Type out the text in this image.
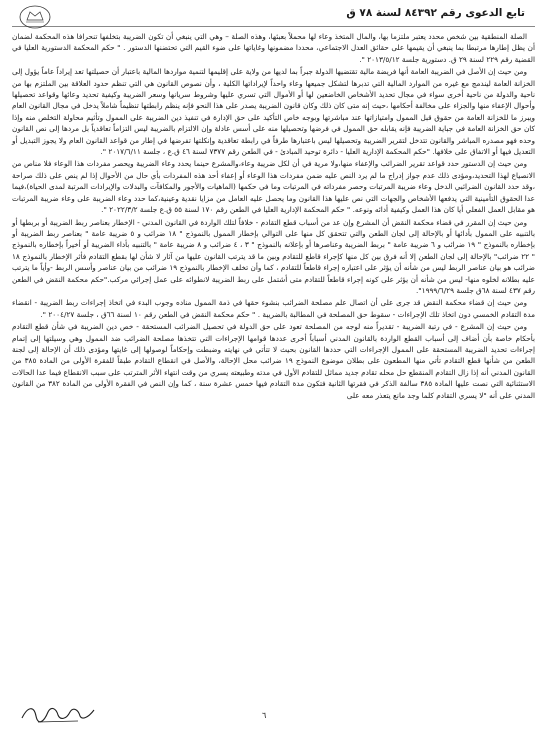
تابع الدعوى رقم ٨٤٣٩٢ لسنة ٧٨ ق

الصلة المنطقية بين شخص محدد يعتبر ملتزما بها، والمال المتخذ وعاء لها محملاً بعبئها، وهذه الصلة – وهي التي ينبغي أن تكون الضريبة بتخلفها تنحرافا هذه المحكمة لضمان أن يظل إطارها مرتبطا بما ينبغي أن يقيمها على حقائق العدل الاجتماعي، محددا مضمونها وغاياتها على ضوء القيم التي تحتضنها الدستور . " حكم المحكمة الدستورية العليا في القضية رقم ٢٢٩ لسنة ٢٩ ق. دستورية جلسة ٢٠١٣/٥/١٢ ".

ومن حيث إن الأصل في الضريبة العامة أنها فريضة مالية تقتضيها الدولة جبراً بما لديها من ولاية على إقليمها لتنمية مواردها المالية باعتبار أن حصيلتها تعد إيراداً عاماً يؤول إلى الخزانة العامة ليندمج مع غيره من الموارد المالية التي تدبرها لتشكل جميعها وعاء واحداً لإيراداتها الكلية ، وأن نصوص القانون هي التي تنظم حدود العلاقة بين الملتزم بها من ناحية والدولة من ناحية أخرى سواء في مجال تحديد الأشخاص الخاضعين لها أو الأموال التي تسري عليها وشروط سريانها وسعر الضريبة وكيفية تحديد وعائها وقواعد تحصيلها وأحوال الإعفاء منها والجزاء على مخالفة أحكامها ،حيث إنه متى كان ذلك وكان قانون الضريبة يصدر على هذا النحو فإنه ينظم رابطتها تنظيماً شاملاً يدخل في مجال القانون العام ويبرز ما للخزانة العامة من حقوق قبل الممول وامتيازاتها عند مباشرتها وبوجه خاص التأكيد على حق الإدارة في تنفيذ دين الضريبة على الممول وتأثيم محاولة التخلص منه وإذا كان حق الخزانة العامة في جباية الضريبة فإنه يقابله حق الممول في فرضها وتحصيلها منه على أسس عادلة وإن الالتزام بالضريبة ليس التزاماً تعاقدياً بل مردها إلى نص القانون وحده فهو مصدره المباشر والقانون تتدخل لتقرير الضريبة وتحصيلها ليس باعتبارها طرفاً في رابطة تعاقدية وإنكلتها تفرضها في إطار من قواعد القانون العام ولا يجوز التبديل أو التعديل فيها أو الاتفاق على خلافها. "حكم المحكمة الإدارية العليا - دائرة توحيد المبادئ - في الطعن رقم ٧٣٧٧ لسنة ٤٦ ق.ع ، جلسة ٢٠١٧/٦/١١ ".

ومن حيث إن الدستور حدد قواعد تقرير الضرائب والإعفاء منها،ولا مرية في أن لكل ضريبة وعاء،والمشرع حينما يحدد وعاء الضريبة ويحصر مفردات هذا الوعاء فلا مناص من الانصياع لهذا التحديد،ومؤدى ذلك عدم جواز إدراج ما لم يرد النص عليه ضمن مفردات هذا الوعاء أو إعفاء أحد هذه المفردات بأي حال من الأحوال إذا لم ينص على ذلك صراحة ،وقد حدد القانون الضرائبي الدخل وعاء ضريبة المرتبات وحصر مفرداته في المرتبات وما في حكمها (الماهيات والأجور والمكافآت والبدلات والإيرادات المرتبة لمدى الحياة)،فيما عدا الحقوق التأمينية التي يدفعها الأشخاص والجهات التي نص عليها هذا القانون وما يحصل عليه العامل من مزايا نقدية وعينية،كما حدد وعاء الضريبة على وعاء ضريبة المرتبات هو مقابل العمل الفعلي أيا كان هذا العمل وكيفية أدائه ونوعه. " حكم المحكمة الإدارية العليا في الطعن رقم ١٧٠ لسنة ٥٥ ق.ع جلسة ٢٠٢٢/٣/٢ ".

ومن حيث إن المقرر في قضاء محكمة النقض أن المشرع وإن عد من أسباب قطع التقادم - خلافاً لتلك الواردة في القانون المدني - الإخطار بعناصر ربط الضريبة أو بربطها أو بالتنبيه على الممول بأدائها أو بالإحالة إلى لجان الطعن والتي تتحقق كل منها على التوالي بإخطار الممول بالنموذج " ١٨ ضرائب و ٥ ضريبة عامة " بعناصر ربط الضريبة أو بإخطاره بالنموذج " ١٩ ضرائب و ٦ ضريبة عامة " بربط الضريبة وعناصرها أو بإعلانه بالنموذج " ٣ ، ٤ ضرائب و ٨ ضريبة عامة " بالتنبيه بأداء الضريبة أو أخيراً بإخطاره بالنموذج " ٢٢ ضرائب" بالإحالة إلى لجان الطعن إلا أنه فرق بين كل منها كإجراء قاطع للتقادم وبين ما قد يترتب القانون عليها من آثار لا شأن لها بقطع التقادم فأثر الإخطار بالنموذج ١٨ ضرائب هو بيان عناصر الربط ليس من شأنه أن يؤثر على اعتباره إجراء قاطعاً للتقادم ، كما وأن تخلف الإخطار بالنموذج ١٩ ضرائب من بيان عناصر وأسس الربط -وأياً ما يترتب عليه بطلانه لخلوه منها- ليس من شأنه أن يؤثر على كونه إجراء قاطعاً للتقادم متى أشتمل على ربط الضريبة لانطوائه على عمل إجرائي مركب."حكم محكمة النقض في الطعن رقم ٤٣٧ لسنة ٦٨ق جلسة ١٩٩٩/٦/٢٩".

ومن حيث إن قضاء محكمة النقض قد جرى على أن اتصال علم مصلحة الضرائب بنشوء حقها في ذمة الممول مناده وجوب البدء في اتخاذ إجراءات ربط الضريبة - انقضاء مدة التقادم الخمسي دون اتخاذ تلك الإجراءات - سقوط حق المصلحة في المطالبة بالضريبة . " حكم محكمة النقض في الطعن رقم ١٠ لسنة ٦٦ق ، جلسة ٢٠٠٤/٢٧ ".

ومن حيث إن المشرع - في رتبة الضريبة - تقديراً منه لوجه من المصلحة تعود على حق الدولة في تحصيل الضرائب المستحقة - خص دين الضريبة في شأن قطع التقادم بأحكام خاصة بأن أضاف إلى أسباب القطع الواردة بالقانون المدني أسباباً أخرى عددها قوامها الإجراءات التي تتخذها مصلحة الضرائب ضد الممول وهي وسيلتها إلى إتمام إجراءات تحديد الضريبة المستحقة على الممول الإجراءات التي حددها القانون بحيث لا تتأتي في نهايته وضبطت وإحكاماً لوصولها إلى غايتها ومؤدى ذلك أن الإحالة إلى لجنة الطعن من شأنها قطع التقادم تأتي منها المطعون على بطلان موضوع النموذج ١٩ ضرائب محل الإحالة، والأصل في انقطاع التقادم طبقاً للفقرة الأولى من المادة ٣٨٥ من القانون المدني أنه إذا زال التقادم المنقطع حل محله تقادم جديد مماثل للتقادم الأول في مدته وطبيعته يسري من وقت انتهاء الأثر المترتب على سبب الانقطاع فيما عدا الحالات الاستثنائية التي نصت عليها المادة ٣٨٥ سالفة الذكر في فقرتها الثانية فتكون مدة التقادم فيها خمس عشرة سنة ، كما وإن النص في الفقرة الأولى من المادة ٣٨٢ من القانون المدني على أنه "لا يسري التقادم كلما وجد مانع يتعذر معه على

٦
